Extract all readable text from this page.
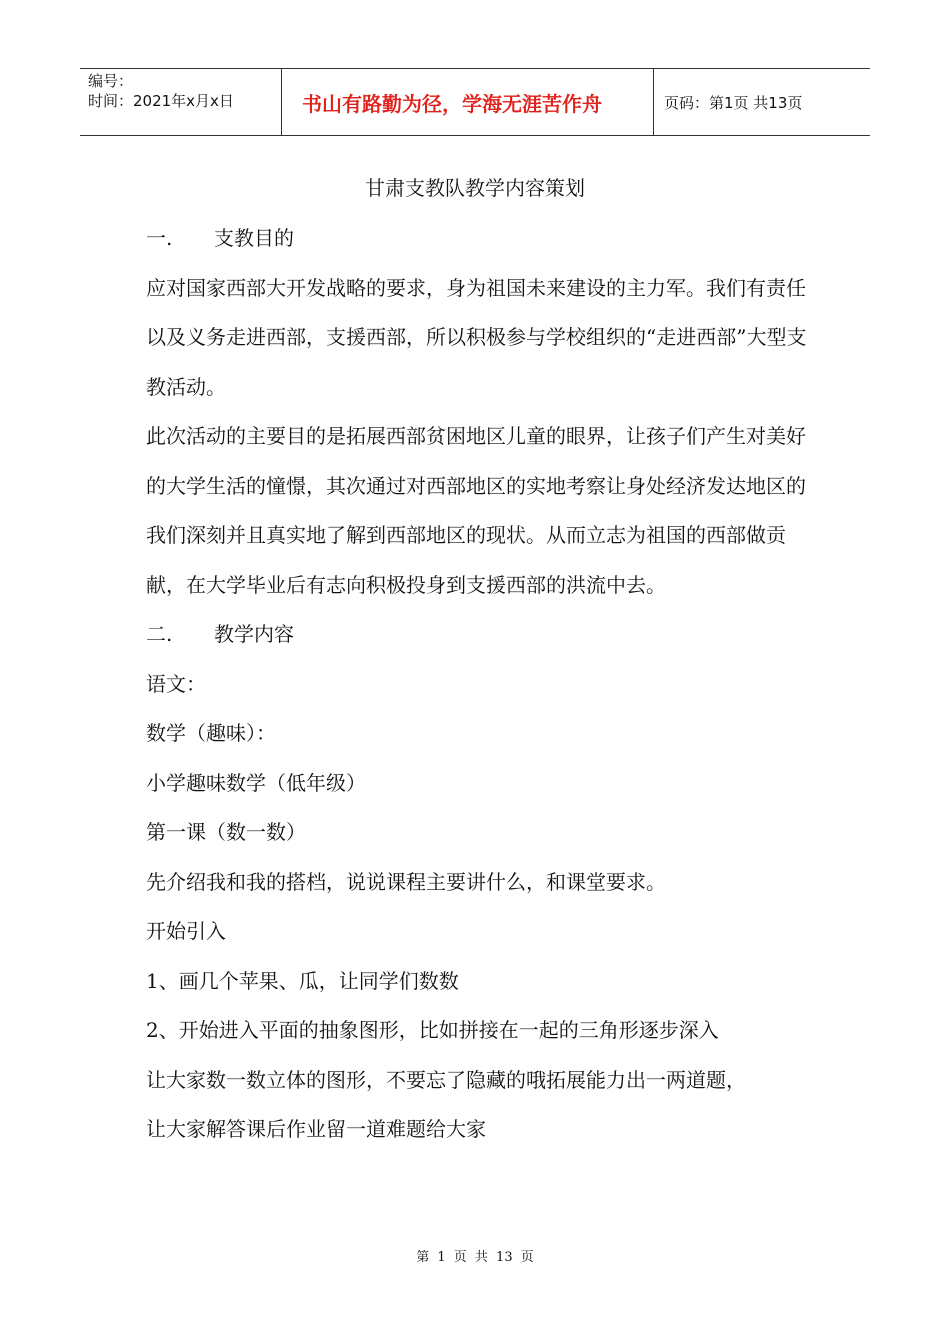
编号：
时间：2021年x月x日	书山有路勤为径，学海无涯苦作舟	页码：第1页 共13页
甘肃支教队教学内容策划

一. 支教目的

应对国家西部大开发战略的要求，身为祖国未来建设的主力军。我们有责任以及义务走进西部，支援西部，所以积极参与学校组织的“走进西部”大型支教活动。

此次活动的主要目的是拓展西部贫困地区儿童的眼界，让孩子们产生对美好的大学生活的憧憬，其次通过对西部地区的实地考察让身处经济发达地区的我们深刻并且真实地了解到西部地区的现状。从而立志为祖国的西部做贡献，在大学毕业后有志向积极投身到支援西部的洪流中去。

二. 教学内容

语文：

数学（趣味）：

小学趣味数学（低年级）

第一课（数一数）

先介绍我和我的搭档，说说课程主要讲什么，和课堂要求。

开始引入

1、画几个苹果、瓜，让同学们数数

2、开始进入平面的抽象图形，比如拼接在一起的三角形逐步深入

让大家数一数立体的图形，不要忘了隐藏的哦拓展能力出一两道题，

让大家解答课后作业留一道难题给大家

第 1 页 共 13 页
